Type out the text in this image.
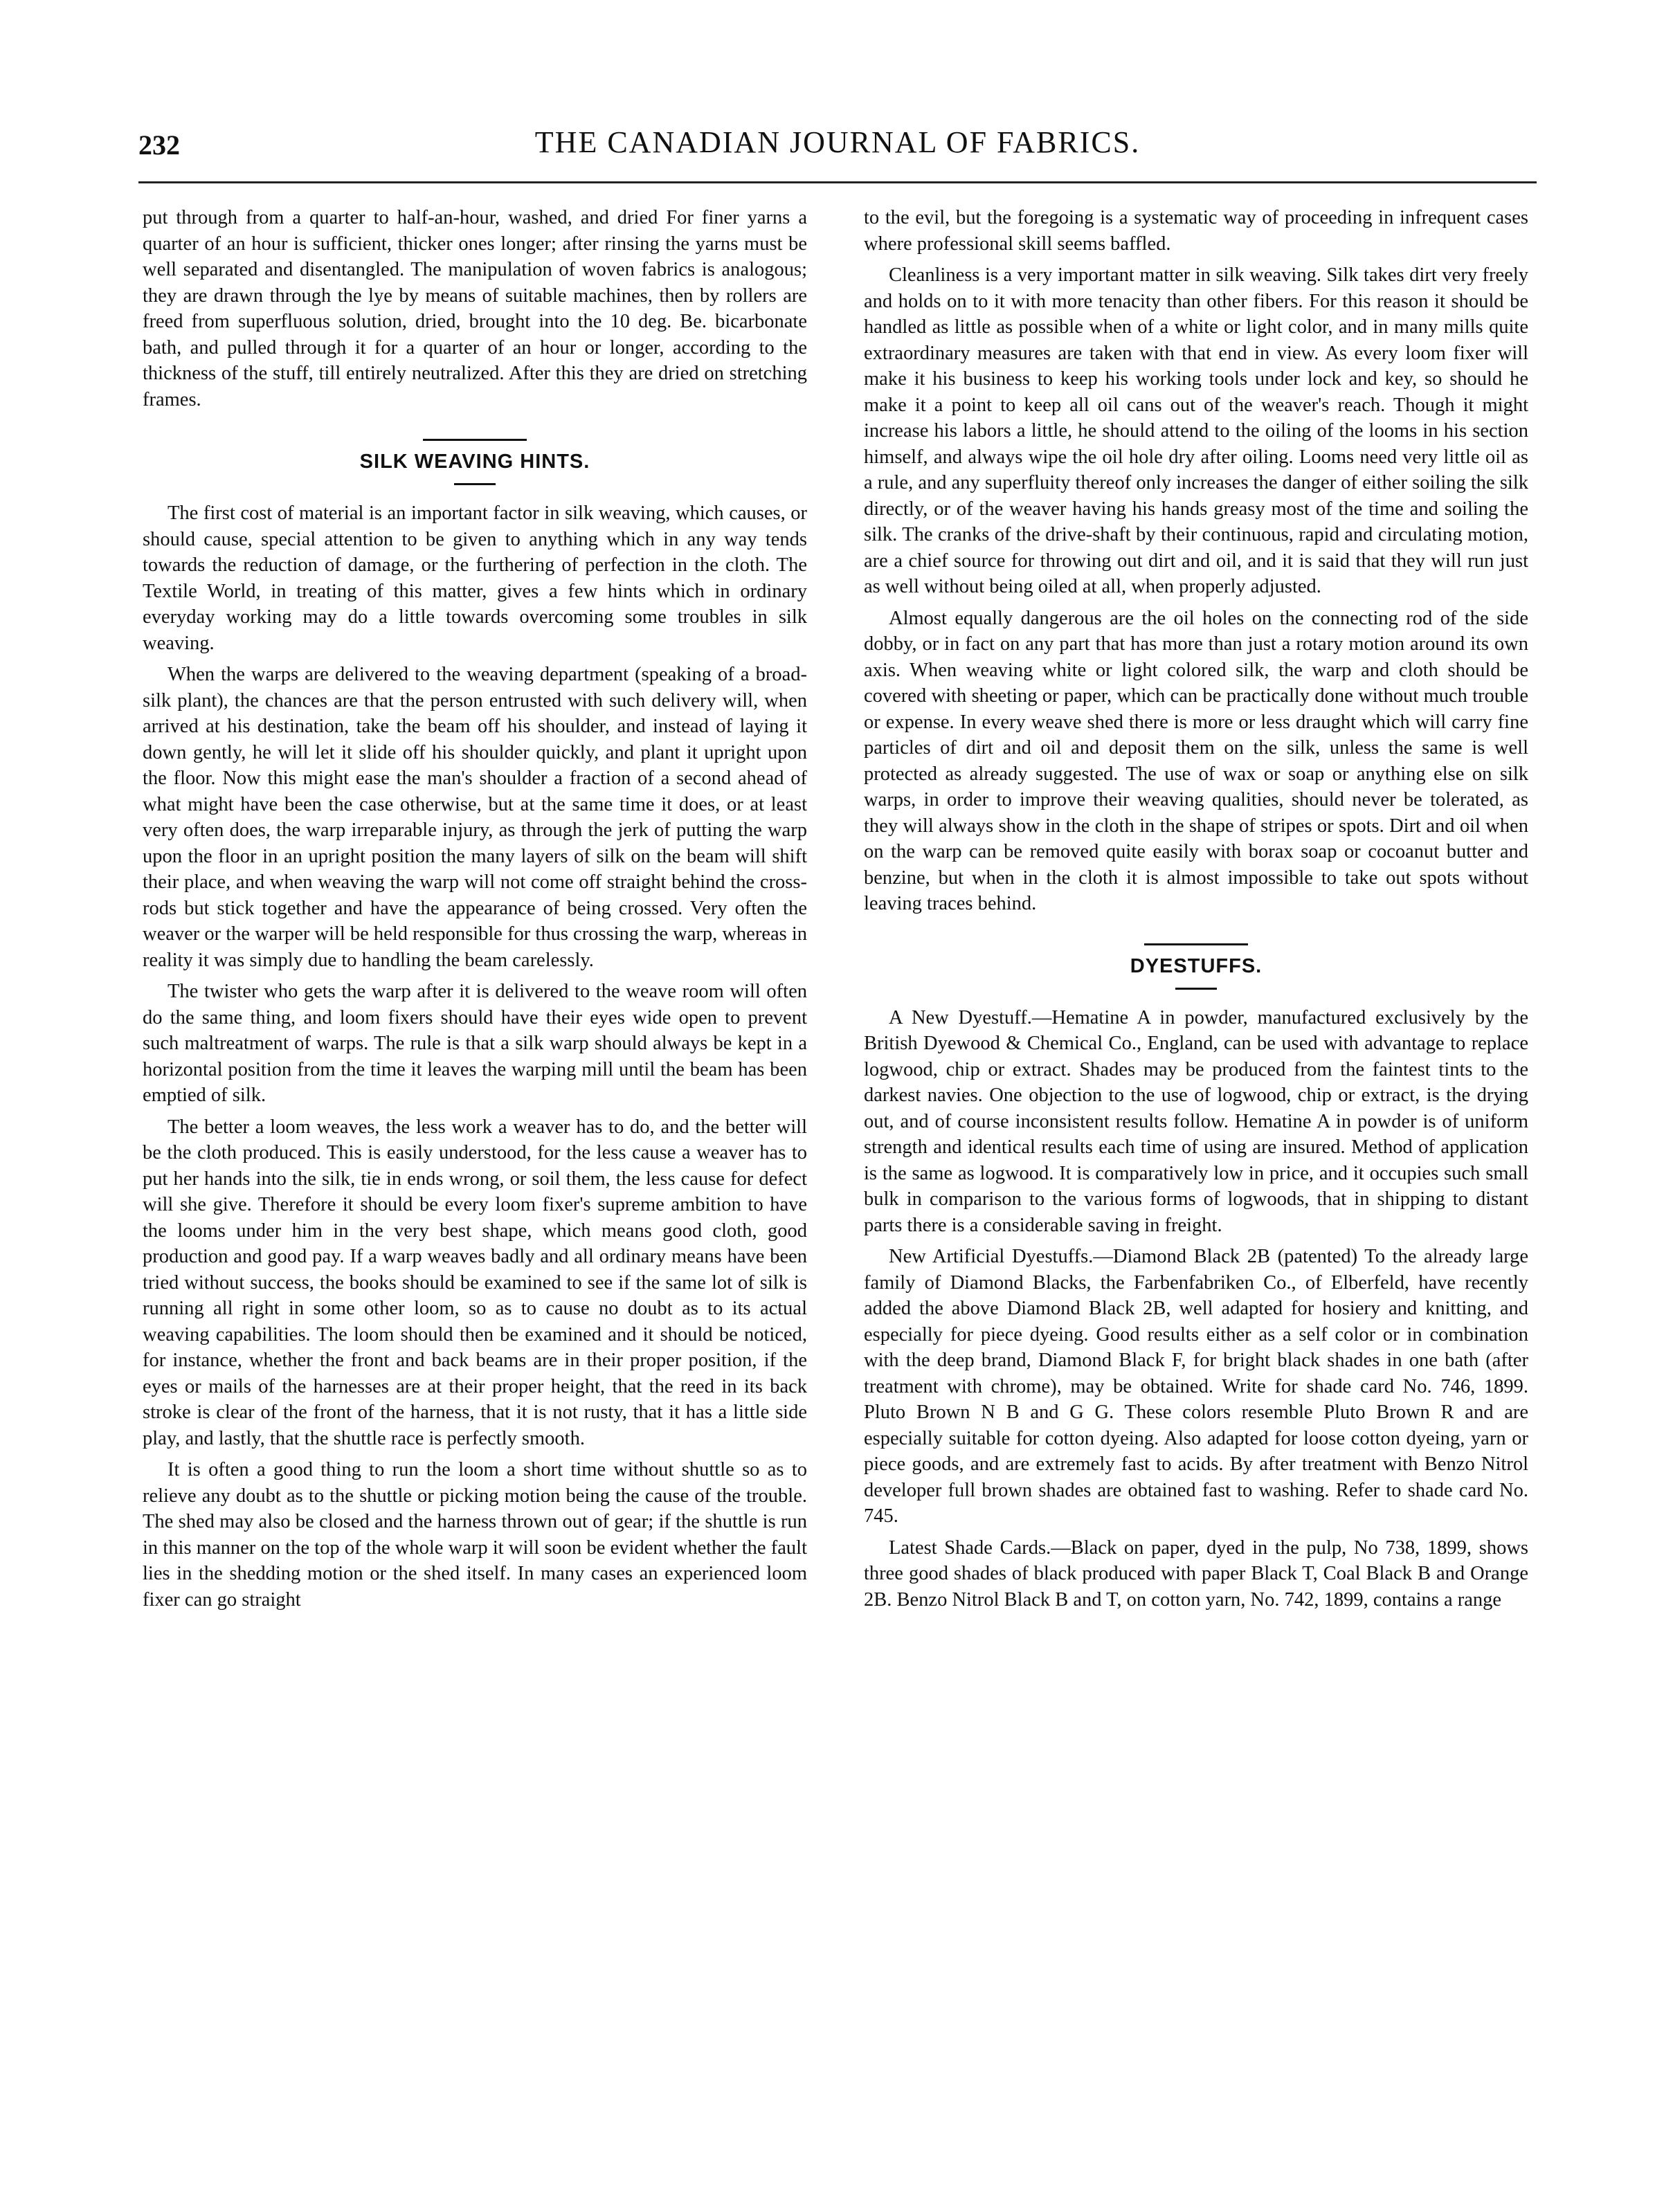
232	THE CANADIAN JOURNAL OF FABRICS.

put through from a quarter to half-an-hour, washed, and dried For finer yarns a quarter of an hour is sufficient, thicker ones longer; after rinsing the yarns must be well separated and disentangled. The manipulation of woven fabrics is analogous; they are drawn through the lye by means of suitable machines, then by rollers are freed from superfluous solution, dried, brought into the 10 deg. Be. bicarbonate bath, and pulled through it for a quarter of an hour or longer, according to the thickness of the stuff, till entirely neutralized. After this they are dried on stretching frames.

SILK WEAVING HINTS.

The first cost of material is an important factor in silk weaving, which causes, or should cause, special attention to be given to anything which in any way tends towards the reduction of damage, or the furthering of perfection in the cloth. The Textile World, in treating of this matter, gives a few hints which in ordinary everyday working may do a little towards overcoming some troubles in silk weaving.

When the warps are delivered to the weaving department (speaking of a broad-silk plant), the chances are that the person entrusted with such delivery will, when arrived at his destination, take the beam off his shoulder, and instead of laying it down gently, he will let it slide off his shoulder quickly, and plant it upright upon the floor. Now this might ease the man's shoulder a fraction of a second ahead of what might have been the case otherwise, but at the same time it does, or at least very often does, the warp irreparable injury, as through the jerk of putting the warp upon the floor in an upright position the many layers of silk on the beam will shift their place, and when weaving the warp will not come off straight behind the cross-rods but stick together and have the appearance of being crossed. Very often the weaver or the warper will be held responsible for thus crossing the warp, whereas in reality it was simply due to handling the beam carelessly.

The twister who gets the warp after it is delivered to the weave room will often do the same thing, and loom fixers should have their eyes wide open to prevent such maltreatment of warps. The rule is that a silk warp should always be kept in a horizontal position from the time it leaves the warping mill until the beam has been emptied of silk.

The better a loom weaves, the less work a weaver has to do, and the better will be the cloth produced. This is easily understood, for the less cause a weaver has to put her hands into the silk, tie in ends wrong, or soil them, the less cause for defect will she give. Therefore it should be every loom fixer's supreme ambition to have the looms under him in the very best shape, which means good cloth, good production and good pay. If a warp weaves badly and all ordinary means have been tried without success, the books should be examined to see if the same lot of silk is running all right in some other loom, so as to cause no doubt as to its actual weaving capabilities. The loom should then be examined and it should be noticed, for instance, whether the front and back beams are in their proper position, if the eyes or mails of the harnesses are at their proper height, that the reed in its back stroke is clear of the front of the harness, that it is not rusty, that it has a little side play, and lastly, that the shuttle race is perfectly smooth.

It is often a good thing to run the loom a short time without shuttle so as to relieve any doubt as to the shuttle or picking motion being the cause of the trouble. The shed may also be closed and the harness thrown out of gear; if the shuttle is run in this manner on the top of the whole warp it will soon be evident whether the fault lies in the shedding motion or the shed itself. In many cases an experienced loom fixer can go straight

to the evil, but the foregoing is a systematic way of proceeding in infrequent cases where professional skill seems baffled.

Cleanliness is a very important matter in silk weaving. Silk takes dirt very freely and holds on to it with more tenacity than other fibers. For this reason it should be handled as little as possible when of a white or light color, and in many mills quite extraordinary measures are taken with that end in view. As every loom fixer will make it his business to keep his working tools under lock and key, so should he make it a point to keep all oil cans out of the weaver's reach. Though it might increase his labors a little, he should attend to the oiling of the looms in his section himself, and always wipe the oil hole dry after oiling. Looms need very little oil as a rule, and any superfluity thereof only increases the danger of either soiling the silk directly, or of the weaver having his hands greasy most of the time and soiling the silk. The cranks of the drive-shaft by their continuous, rapid and circulating motion, are a chief source for throwing out dirt and oil, and it is said that they will run just as well without being oiled at all, when properly adjusted.

Almost equally dangerous are the oil holes on the connecting rod of the side dobby, or in fact on any part that has more than just a rotary motion around its own axis. When weaving white or light colored silk, the warp and cloth should be covered with sheeting or paper, which can be practically done without much trouble or expense. In every weave shed there is more or less draught which will carry fine particles of dirt and oil and deposit them on the silk, unless the same is well protected as already suggested. The use of wax or soap or anything else on silk warps, in order to improve their weaving qualities, should never be tolerated, as they will always show in the cloth in the shape of stripes or spots. Dirt and oil when on the warp can be removed quite easily with borax soap or cocoanut butter and benzine, but when in the cloth it is almost impossible to take out spots without leaving traces behind.

DYESTUFFS.

A New Dyestuff.—Hematine A in powder, manufactured exclusively by the British Dyewood & Chemical Co., England, can be used with advantage to replace logwood, chip or extract. Shades may be produced from the faintest tints to the darkest navies. One objection to the use of logwood, chip or extract, is the drying out, and of course inconsistent results follow. Hematine A in powder is of uniform strength and identical results each time of using are insured. Method of application is the same as logwood. It is comparatively low in price, and it occupies such small bulk in comparison to the various forms of logwoods, that in shipping to distant parts there is a considerable saving in freight.

New Artificial Dyestuffs.—Diamond Black 2B (patented) To the already large family of Diamond Blacks, the Farbenfabriken Co., of Elberfeld, have recently added the above Diamond Black 2B, well adapted for hosiery and knitting, and especially for piece dyeing. Good results either as a self color or in combination with the deep brand, Diamond Black F, for bright black shades in one bath (after treatment with chrome), may be obtained. Write for shade card No. 746, 1899. Pluto Brown N B and G G. These colors resemble Pluto Brown R and are especially suitable for cotton dyeing. Also adapted for loose cotton dyeing, yarn or piece goods, and are extremely fast to acids. By after treatment with Benzo Nitrol developer full brown shades are obtained fast to washing. Refer to shade card No. 745.

Latest Shade Cards.—Black on paper, dyed in the pulp, No 738, 1899, shows three good shades of black produced with paper Black T, Coal Black B and Orange 2B. Benzo Nitrol Black B and T, on cotton yarn, No. 742, 1899, contains a range
